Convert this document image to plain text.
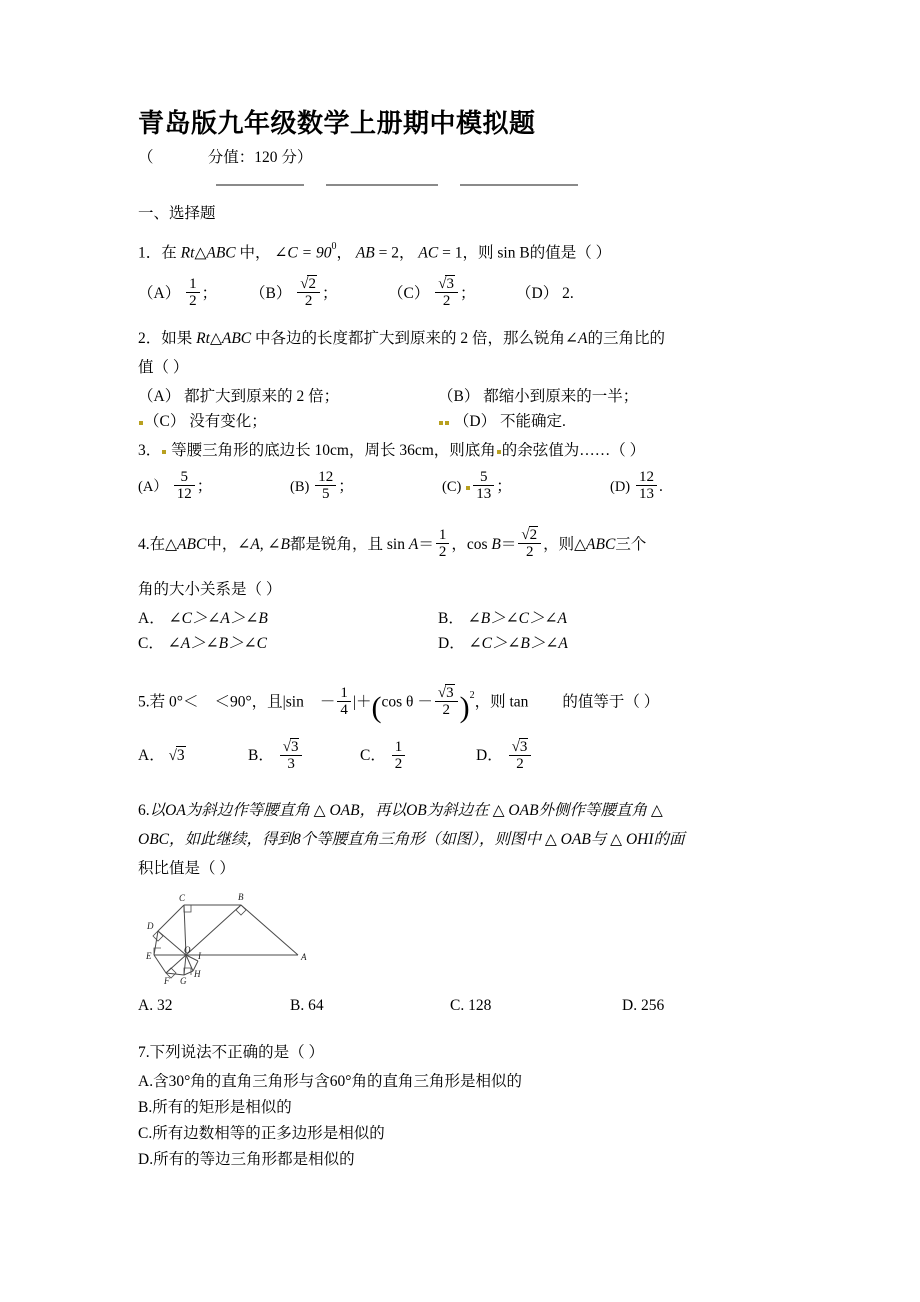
青岛版九年级数学上册期中模拟题
（              分值：120 分）
一、选择题
1．在 Rt△ABC 中， ∠C = $90^0$， AB = 2， AC = 1，则 sin B的值是（ ）
$(A) \frac{1}{2}$ ；	$(B) \frac{√2}{2}$ ；	$(C) \frac{√3}{2}$ ；	（D） 2.
2．如果 Rt△ABC 中各边的长度都扩大到原来的 2 倍，那么锐角∠A的三角比的
值（ ）
（A） 都扩大到原来的 2 倍；	（B） 都缩小到原来的一半；
（C） 没有变化；	（D） 不能确定.
3． 等腰三角形的底边长 10cm，周长 36cm，则底角 的余弦值为……（ ）
$(A) \frac{5}{12}$ ；	$(B) \frac{12}{5}$ ；	$(C) \frac{5}{13}$ ；	$(D) \frac{12}{13}$ .
4.在△ABC中，∠A, ∠B都是锐角，且 $\sin A= \frac{1}{2}$ ，$\cos B= \frac{√2}{2}$ ，则△ABC三个
角的大小关系是（ ）
A． ∠C＞∠A＞∠B	B． ∠B＞∠C＞∠A
C． ∠A＞∠B＞∠C	D． ∠C＞∠B＞∠A
5.若 0°＜ ＜90°，且$|\sin - \frac{1}{4} |+(\cos$ $\theta - \frac{√3}{2} )^2$，则 tan 的值等于（ ）
A． √3	B． $\frac{√3}{3}$	C． $\frac{1}{2}$	D． $\frac{√3}{2}$
6.以OA为斜边作等腰直角 △ OAB，再以OB为斜边在 △ OAB外侧作等腰直角 △
OBC，如此继续，得到8个等腰直角三角形（如图），则图中 △ OAB与 △ OHI的面
积比值是（ ）
C	B
D
O
I
E	A
F G
H
A. 32	B. 64	C. 128	D. 256
7.下列说法不正确的是（ ）
A.含30°角的直角三角形与含60°角的直角三角形是相似的
B.所有的矩形是相似的
C.所有边数相等的正多边形是相似的
D.所有的等边三角形都是相似的
